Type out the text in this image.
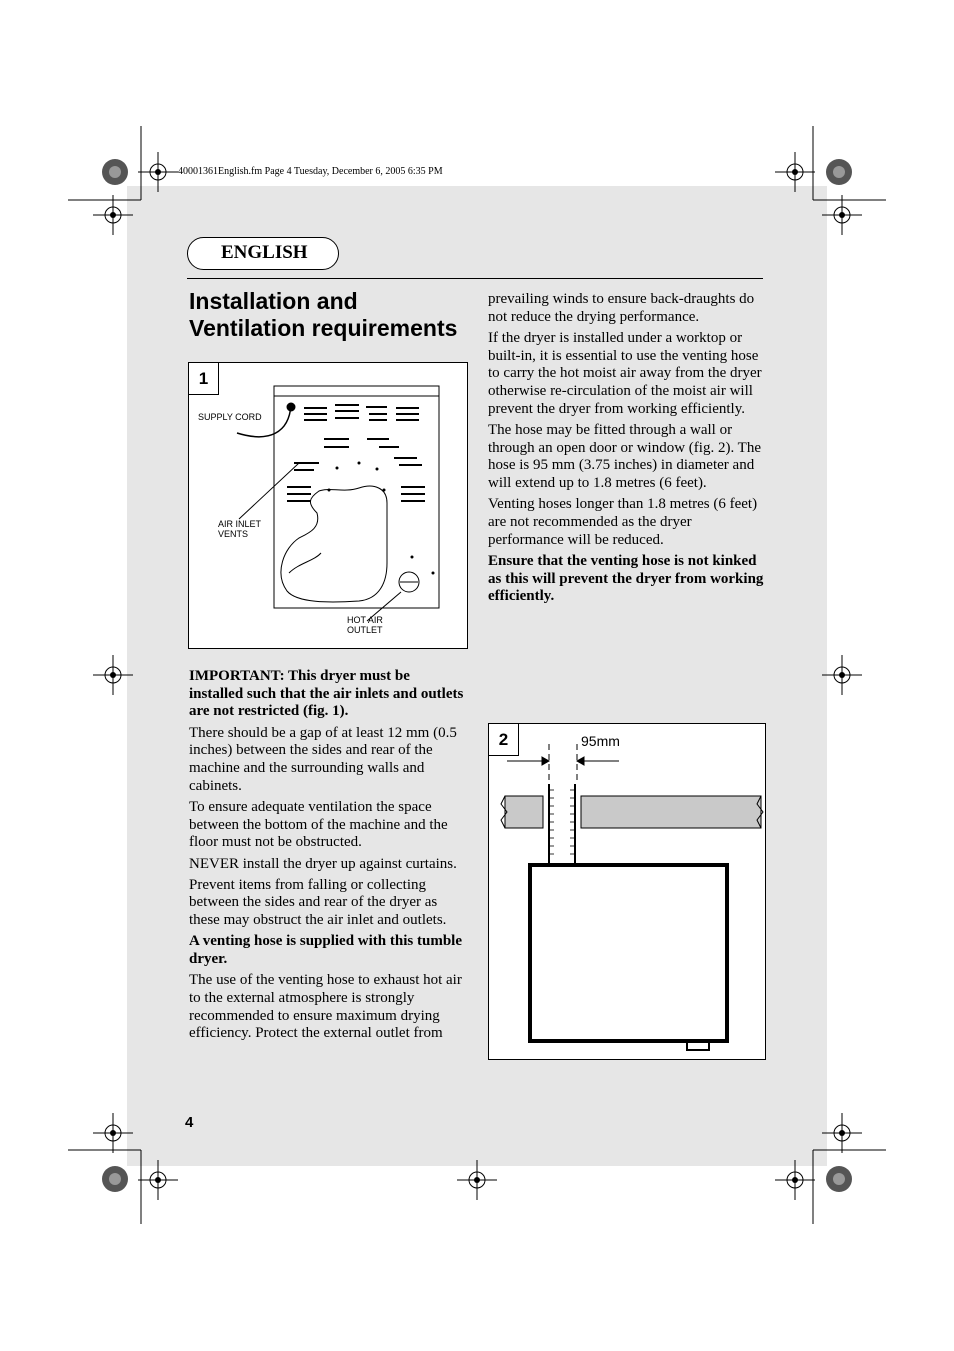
40001361English.fm Page 4 Tuesday, December 6, 2005 6:35 PM
ENGLISH
Installation and Ventilation requirements
1
SUPPLY CORD
AIR INLET VENTS
HOT AIR OUTLET

IMPORTANT: This dryer must be installed such that the air inlets and outlets are not restricted (fig. 1).

There should be a gap of at least 12 mm (0.5 inches) between the sides and rear of the machine and the surrounding walls and cabinets.

To ensure adequate ventilation the space between the bottom of the machine and the floor must not be obstructed.

NEVER install the dryer up against curtains.

Prevent items from falling or collecting between the sides and rear of the dryer as these may obstruct the air inlet and outlets.

A venting hose is supplied with this tumble dryer.

The use of the venting hose to exhaust hot air to the external atmosphere is strongly recommended to ensure maximum drying efficiency. Protect the external outlet from

prevailing winds to ensure back-draughts do not reduce the drying performance.

If the dryer is installed under a worktop or built-in, it is essential to use the venting hose to carry the hot moist air away from the dryer otherwise re-circulation of the moist air will prevent the dryer from working efficiently.

The hose may be fitted through a wall or through an open door or window (fig. 2). The hose is 95 mm (3.75 inches) in diameter and will extend up to 1.8 metres (6 feet).

Venting hoses longer than 1.8 metres (6 feet) are not recommended as the dryer performance will be reduced.

Ensure that the venting hose is not kinked as this will prevent the dryer from working efficiently.

2	95mm
4
